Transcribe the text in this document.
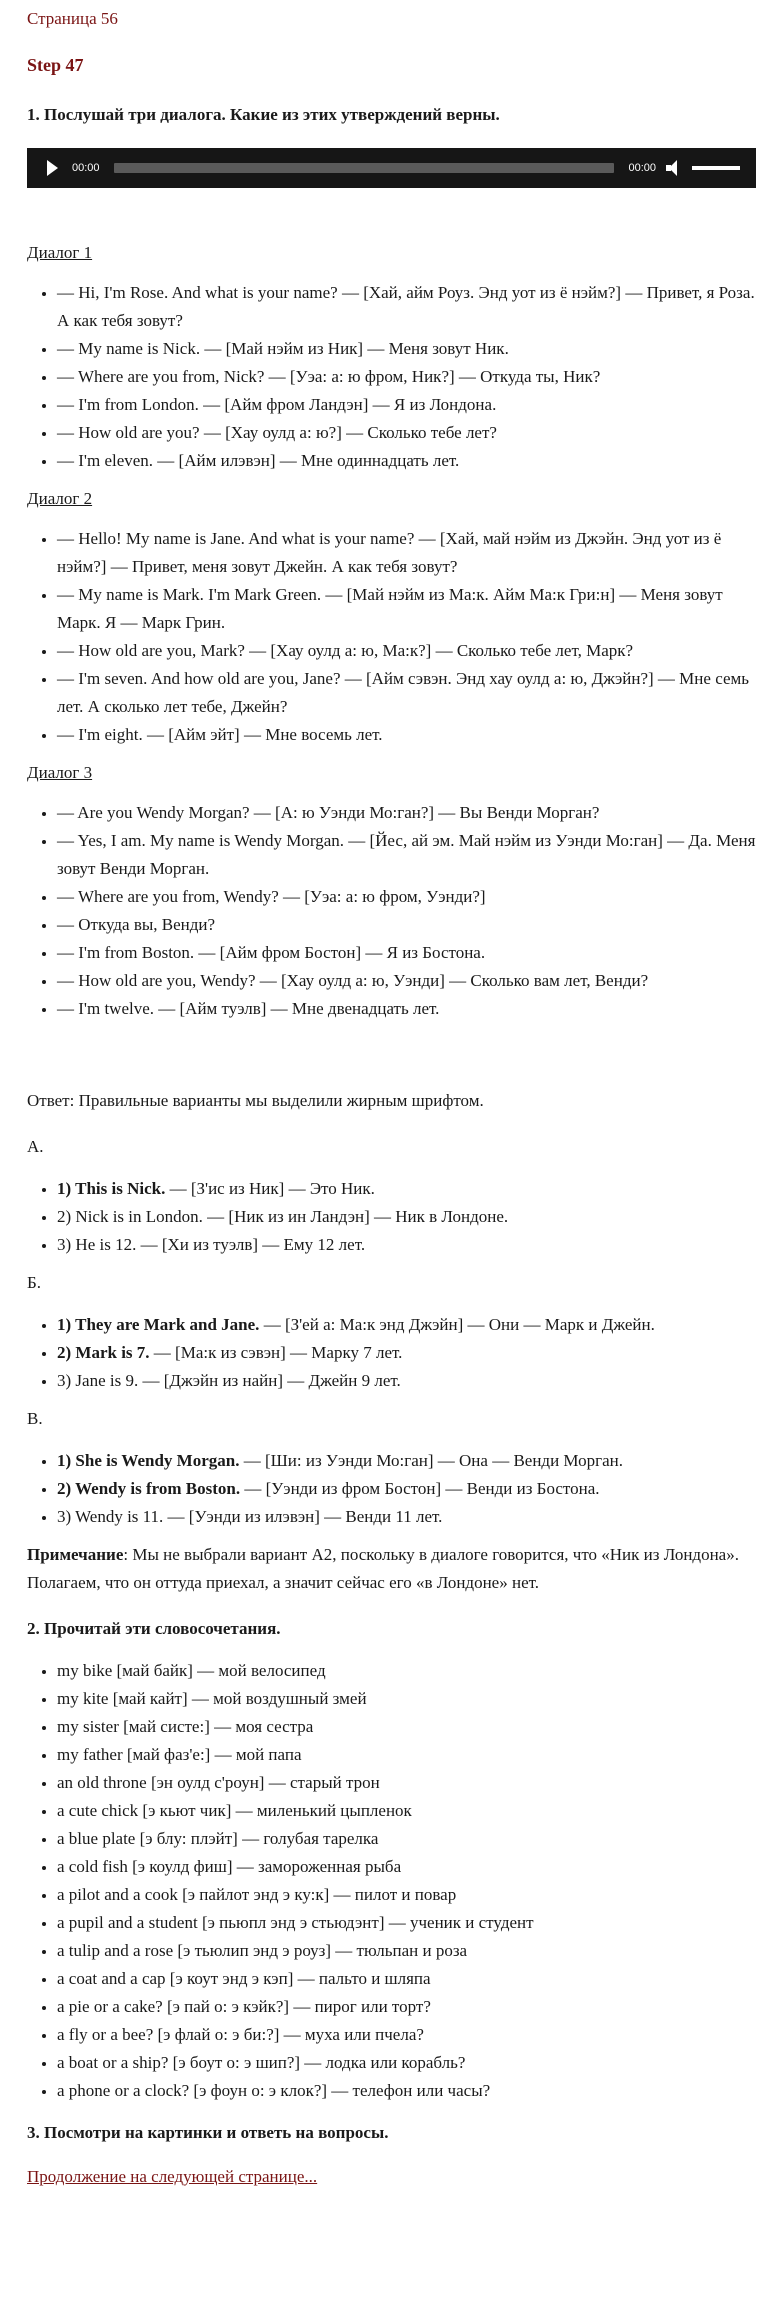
Страница 56
Step 47
1. Послушай три диалога. Какие из этих утверждений верны.
00:00	00:00
Диалог 1
• — Hi, I'm Rose. And what is your name? — [Хай, айм Роуз. Энд уот из ё нэйм?] — Привет, я Роза. А как тебя зовут?
• — My name is Nick. — [Май нэйм из Ник] — Меня зовут Ник.
• — Where are you from, Nick? — [Уэа: а: ю фром, Ник?] — Откуда ты, Ник?
• — I'm from London. — [Айм фром Ландэн] — Я из Лондона.
• — How old are you? — [Хау оулд а: ю?] — Сколько тебе лет?
• — I'm eleven. — [Айм илэвэн] — Мне одиннадцать лет.
Диалог 2
• — Hello! My name is Jane. And what is your name? — [Хай, май нэйм из Джэйн. Энд уот из ё нэйм?] — Привет, меня зовут Джейн. А как тебя зовут?
• — My name is Mark. I'm Mark Green. — [Май нэйм из Ма:к. Айм Ма:к Гри:н] — Меня зовут Марк. Я — Марк Грин.
• — How old are you, Mark? — [Хау оулд а: ю, Ма:к?] — Сколько тебе лет, Марк?
• — I'm seven. And how old are you, Jane? — [Айм сэвэн. Энд хау оулд а: ю, Джэйн?] — Мне семь лет. А сколько лет тебе, Джейн?
• — I'm eight. — [Айм эйт] — Мне восемь лет.
Диалог 3
• — Are you Wendy Morgan? — [А: ю Уэнди Мо:ган?] — Вы Венди Морган?
• — Yes, I am. My name is Wendy Morgan. — [Йес, ай эм. Май нэйм из Уэнди Мо:ган] — Да. Меня зовут Венди Морган.
• — Where are you from, Wendy? — [Уэа: а: ю фром, Уэнди?]
• — Откуда вы, Венди?
• — I'm from Boston. — [Айм фром Бостон] — Я из Бостона.
• — How old are you, Wendy? — [Хау оулд а: ю, Уэнди] — Сколько вам лет, Венди?
• — I'm twelve. — [Айм туэлв] — Мне двенадцать лет.

Ответ: Правильные варианты мы выделили жирным шрифтом.

А.
• 1) This is Nick. — [З'ис из Ник] — Это Ник.
• 2) Nick is in London. — [Ник из ин Ландэн] — Ник в Лондоне.
• 3) He is 12. — [Хи из туэлв] — Ему 12 лет.
Б.
• 1) They are Mark and Jane. — [З'ей а: Ма:к энд Джэйн] — Они — Марк и Джейн.
• 2) Mark is 7. — [Ма:к из сэвэн] — Марку 7 лет.
• 3) Jane is 9. — [Джэйн из найн] — Джейн 9 лет.
В.
• 1) She is Wendy Morgan. — [Ши: из Уэнди Мо:ган] — Она — Венди Морган.
• 2) Wendy is from Boston. — [Уэнди из фром Бостон] — Венди из Бостона.
• 3) Wendy is 11. — [Уэнди из илэвэн] — Венди 11 лет.

Примечание: Мы не выбрали вариант А2, поскольку в диалоге говорится, что «Ник из Лондона». Полагаем, что он оттуда приехал, а значит сейчас его «в Лондоне» нет.

2. Прочитай эти словосочетания.
• my bike [май байк] — мой велосипед
• my kite [май кайт] — мой воздушный змей
• my sister [май систе:] — моя сестра
• my father [май фаз'е:] — мой папа
• an old throne [эн оулд с'роун] — старый трон
• a cute chick [э кьют чик] — миленький цыпленок
• a blue plate [э блу: плэйт] — голубая тарелка
• a cold fish [э коулд фиш] — замороженная рыба
• a pilot and a cook [э пайлот энд э ку:к] — пилот и повар
• a pupil and a student [э пьюпл энд э стьюдэнт] — ученик и студент
• a tulip and a rose [э тьюлип энд э роуз] — тюльпан и роза
• a coat and a cap [э коут энд э кэп] — пальто и шляпа
• a pie or a cake? [э пай о: э кэйк?] — пирог или торт?
• a fly or a bee? [э флай о: э би:?] — муха или пчела?
• a boat or a ship? [э боут о: э шип?] — лодка или корабль?
• a phone or a clock? [э фоун о: э клок?] — телефон или часы?
3. Посмотри на картинки и ответь на вопросы.
Продолжение на следующей странице...
